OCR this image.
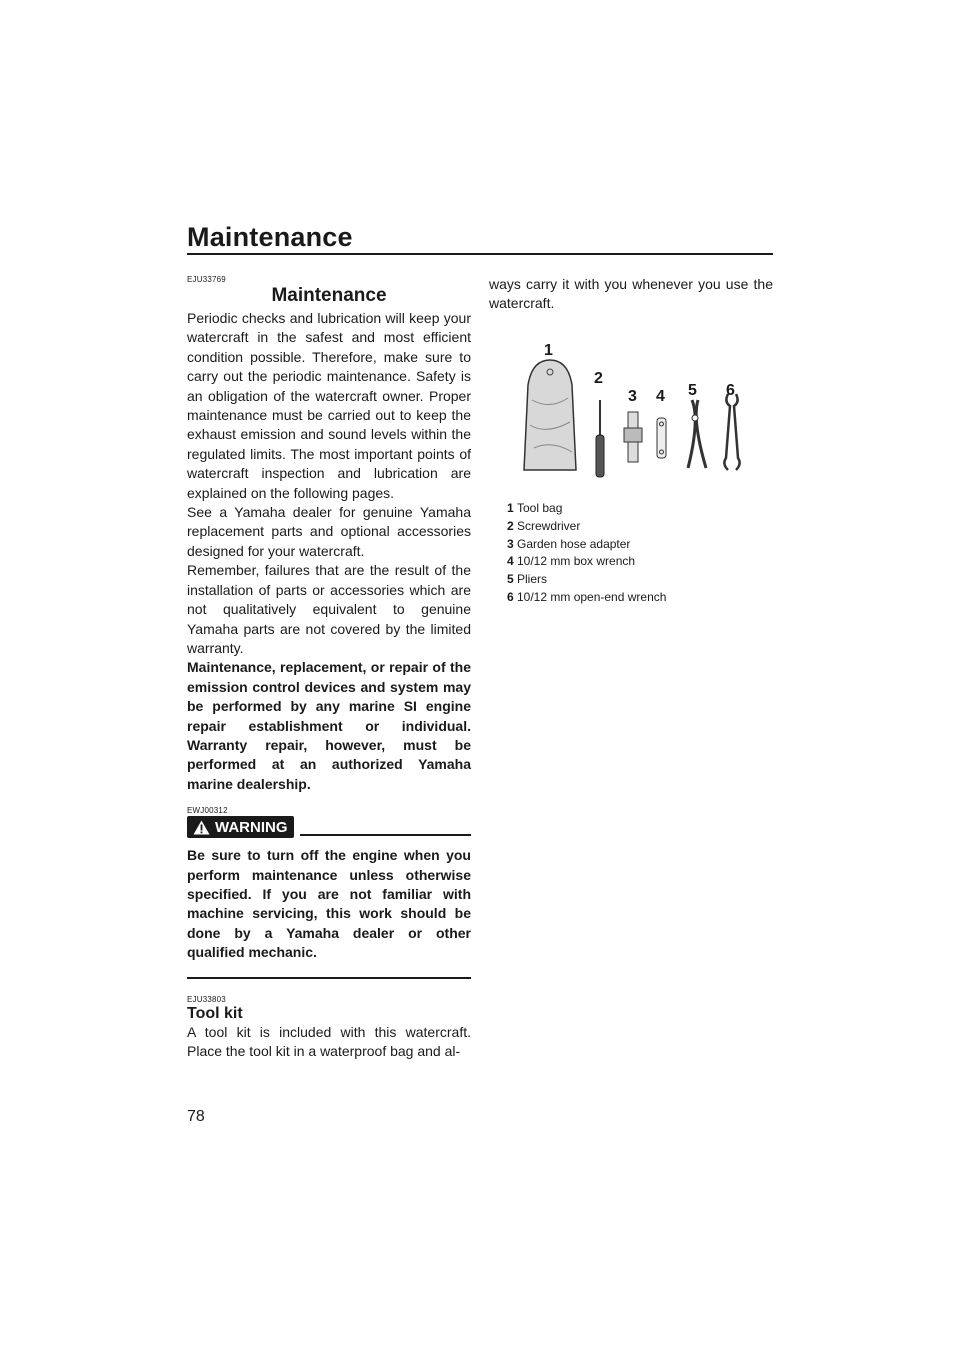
Maintenance
EJU33769
Maintenance

Periodic checks and lubrication will keep your watercraft in the safest and most efficient condition possible. Therefore, make sure to carry out the periodic maintenance. Safety is an obligation of the watercraft owner. Proper maintenance must be carried out to keep the exhaust emission and sound levels within the regulated limits. The most important points of watercraft inspection and lubrication are explained on the following pages.

See a Yamaha dealer for genuine Yamaha replacement parts and optional accessories designed for your watercraft.

Remember, failures that are the result of the installation of parts or accessories which are not qualitatively equivalent to genuine Yamaha parts are not covered by the limited warranty.

Maintenance, replacement, or repair of the emission control devices and system may be performed by any marine SI engine repair establishment or individual. Warranty repair, however, must be performed at an authorized Yamaha marine dealership.

EWJ00312
WARNING

Be sure to turn off the engine when you perform maintenance unless otherwise specified. If you are not familiar with machine servicing, this work should be done by a Yamaha dealer or other qualified mechanic.

EJU33803
Tool kit

A tool kit is included with this watercraft. Place the tool kit in a waterproof bag and al-

ways carry it with you whenever you use the watercraft.

1
2
3 4 5 6
1 Tool bag
2 Screwdriver
3 Garden hose adapter
4 10/12 mm box wrench
5 Pliers
6 10/12 mm open-end wrench
78
